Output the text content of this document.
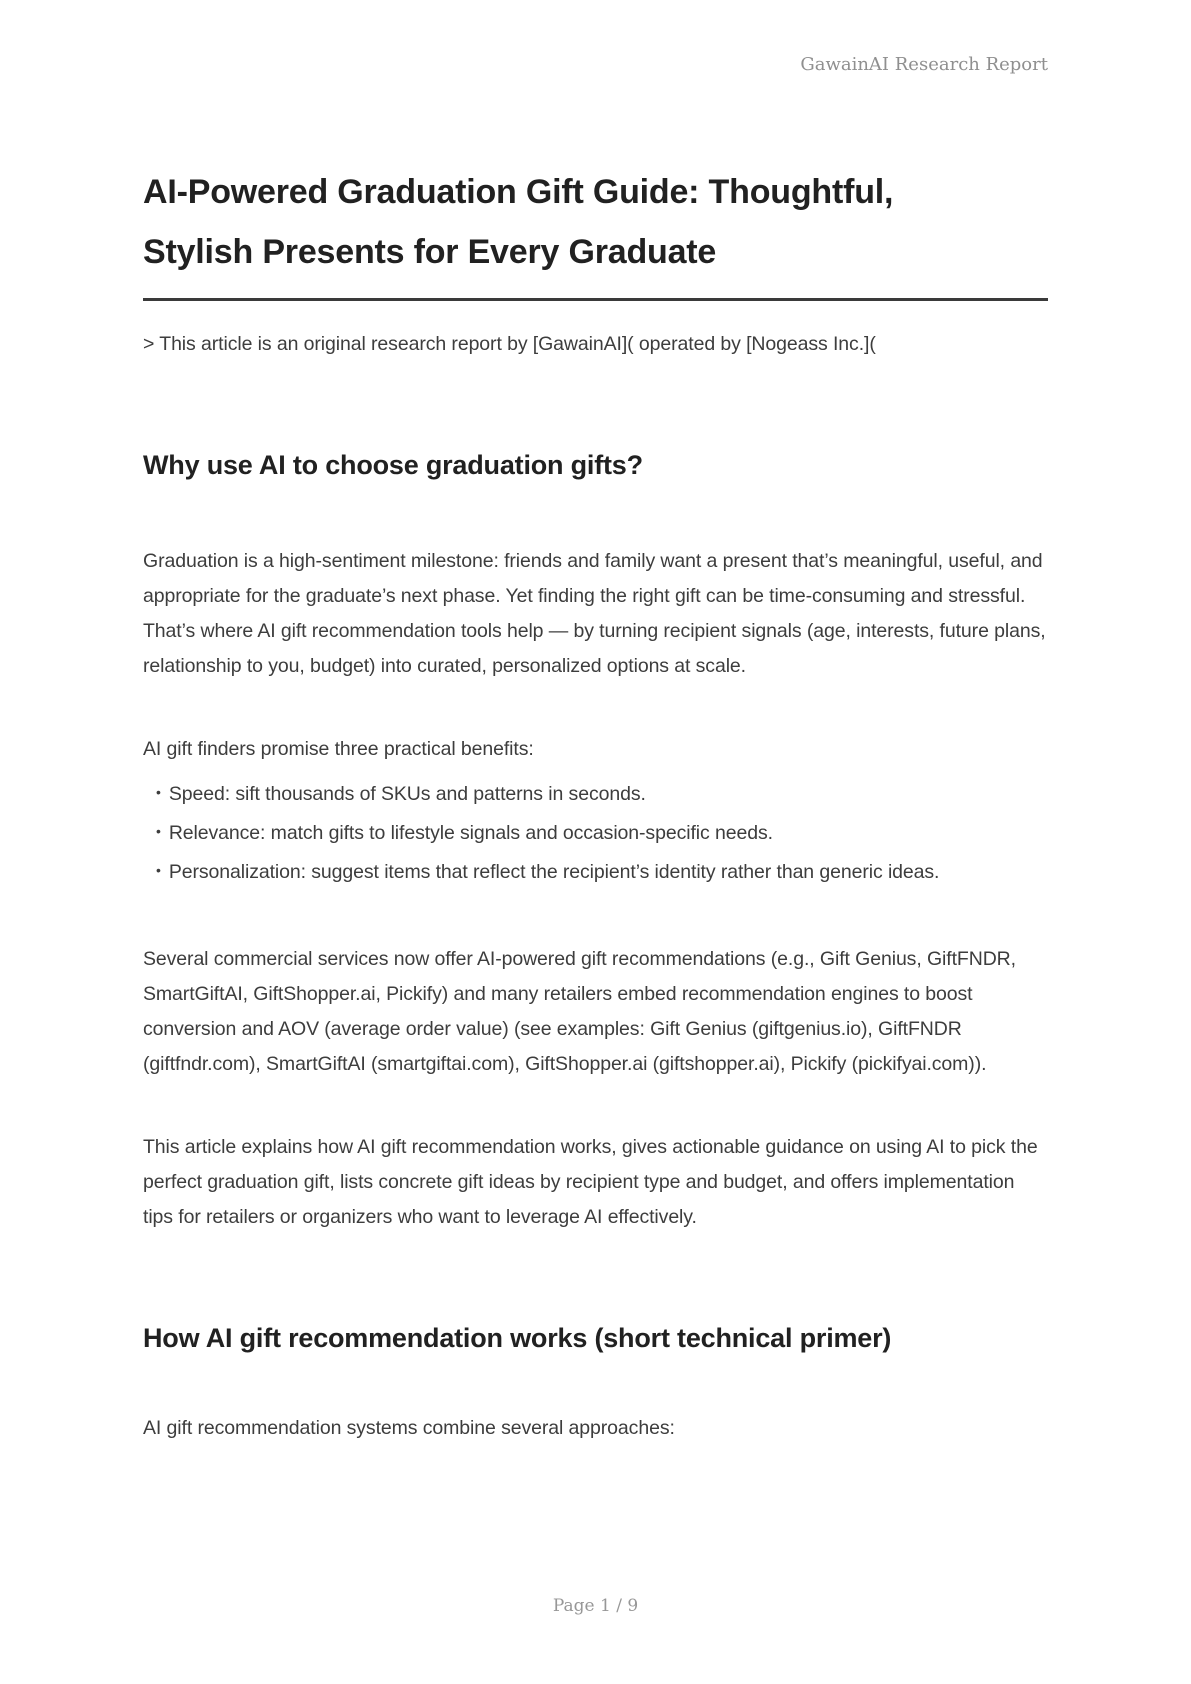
GawainAI Research Report
AI-Powered Graduation Gift Guide: Thoughtful,
Stylish Presents for Every Graduate

> This article is an original research report by [GawainAI]( operated by [Nogeass Inc.](

Why use AI to choose graduation gifts?

Graduation is a high-sentiment milestone: friends and family want a present that’s meaningful, useful, and appropriate for the graduate’s next phase. Yet finding the right gift can be time-consuming and stressful. That’s where AI gift recommendation tools help — by turning recipient signals (age, interests, future plans, relationship to you, budget) into curated, personalized options at scale.

AI gift finders promise three practical benefits:

• Speed: sift thousands of SKUs and patterns in seconds.
• Relevance: match gifts to lifestyle signals and occasion-specific needs.
• Personalization: suggest items that reflect the recipient’s identity rather than generic ideas.

Several commercial services now offer AI-powered gift recommendations (e.g., Gift Genius, GiftFNDR, SmartGiftAI, GiftShopper.ai, Pickify) and many retailers embed recommendation engines to boost conversion and AOV (average order value) (see examples: Gift Genius (giftgenius.io), GiftFNDR (giftfndr.com), SmartGiftAI (smartgiftai.com), GiftShopper.ai (giftshopper.ai), Pickify (pickifyai.com)).

This article explains how AI gift recommendation works, gives actionable guidance on using AI to pick the perfect graduation gift, lists concrete gift ideas by recipient type and budget, and offers implementation tips for retailers or organizers who want to leverage AI effectively.

How AI gift recommendation works (short technical primer)

AI gift recommendation systems combine several approaches:

Page 1 / 9
